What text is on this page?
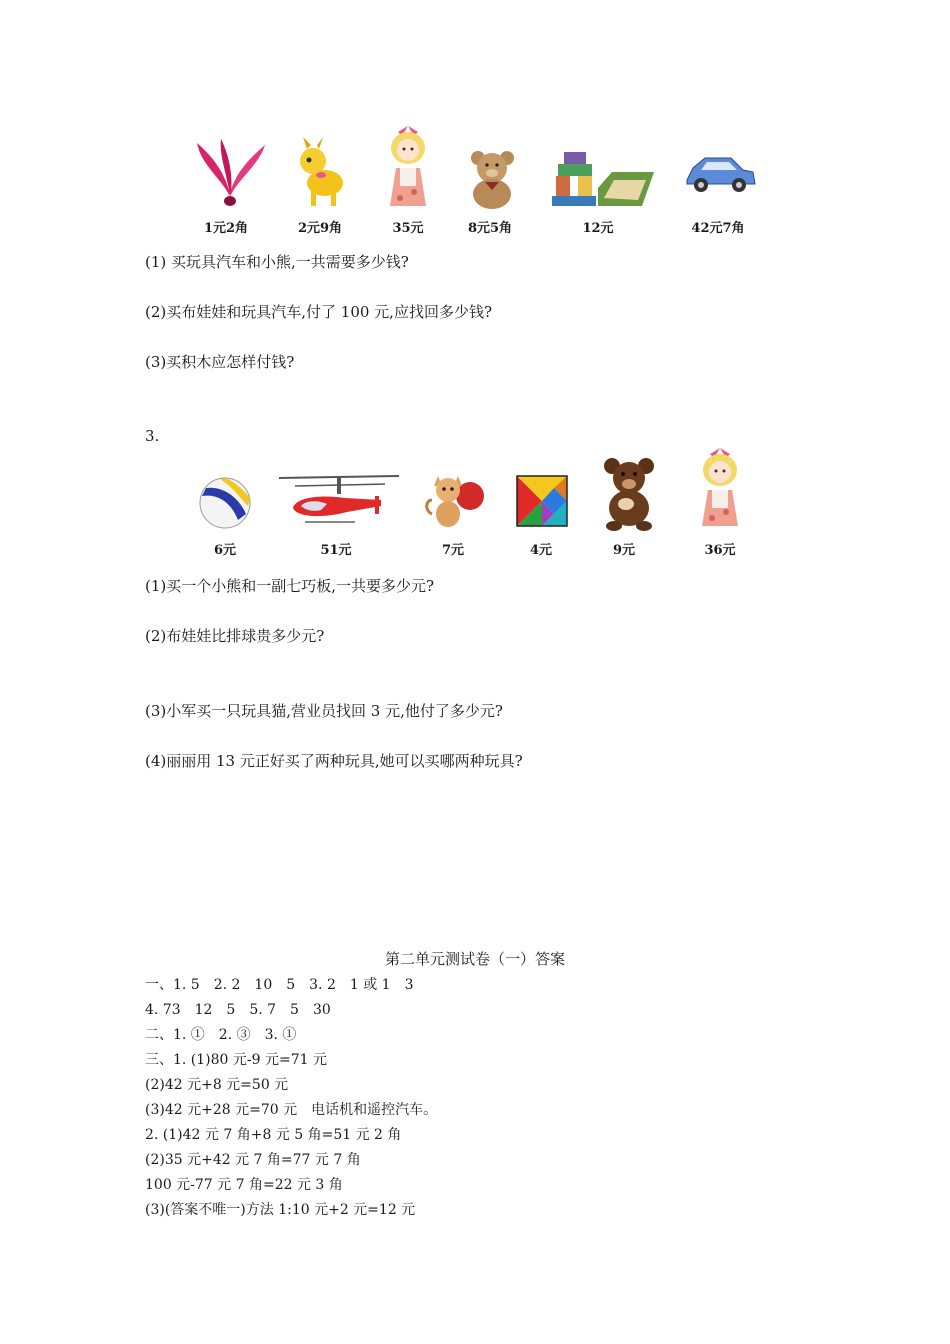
1元2角	2元9角	35元	8元5角	12元	42元7角
(1) 买玩具汽车和小熊,一共需要多少钱?
(2)买布娃娃和玩具汽车,付了 100 元,应找回多少钱?
(3)买积木应怎样付钱?
3.
6元	51元	7元	4元	9元	36元
(1)买一个小熊和一副七巧板,一共要多少元?
(2)布娃娃比排球贵多少元?
(3)小军买一只玩具猫,营业员找回 3 元,他付了多少元?
(4)丽丽用 13 元正好买了两种玩具,她可以买哪两种玩具?
第二单元测试卷（一）答案
一、1. 5　2. 2　10　5　3. 2　1 或 1　3
4. 73　12　5　5. 7　5　30
二、1. ①　2. ③　3. ①
三、1. (1)80 元-9 元=71 元
(2)42 元+8 元=50 元
(3)42 元+28 元=70 元　电话机和遥控汽车。
2. (1)42 元 7 角+8 元 5 角=51 元 2 角
(2)35 元+42 元 7 角=77 元 7 角
100 元-77 元 7 角=22 元 3 角
(3)(答案不唯一)方法 1:10 元+2 元=12 元
